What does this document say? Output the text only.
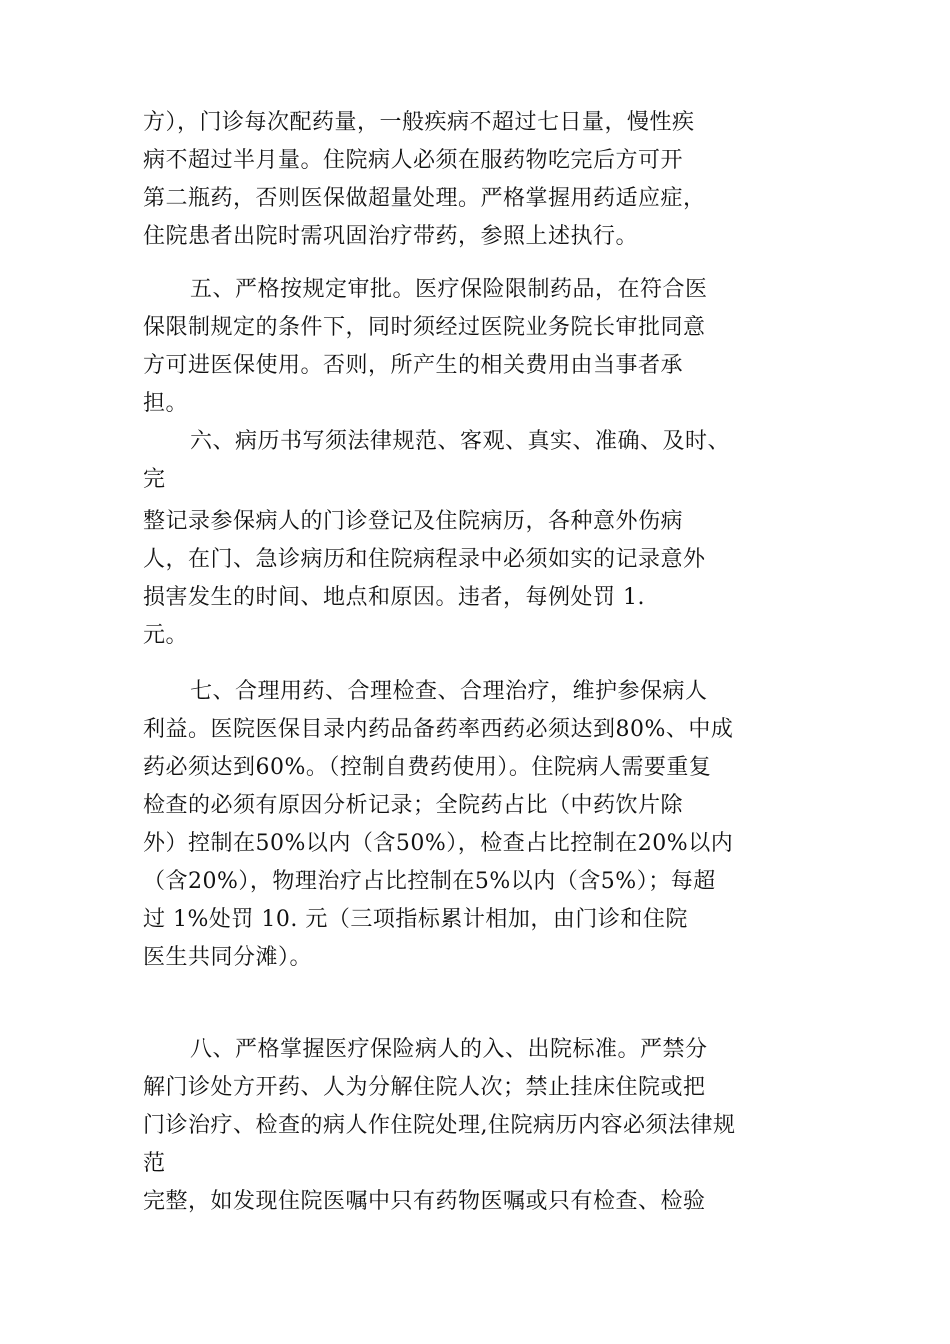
方），门诊每次配药量，一般疾病不超过七日量，慢性疾
病不超过半月量。住院病人必须在服药物吃完后方可开
第二瓶药，否则医保做超量处理。严格掌握用药适应症，
住院患者出院时需巩固治疗带药，参照上述执行。
五、严格按规定审批。医疗保险限制药品，在符合医
保限制规定的条件下，同时须经过医院业务院长审批同意
方可进医保使用。否则，所产生的相关费用由当事者承
担。
六、病历书写须法律规范、客观、真实、准确、及时、
完
整记录参保病人的门诊登记及住院病历，各种意外伤病
人，在门、急诊病历和住院病程录中必须如实的记录意外
损害发生的时间、地点和原因。违者，每例处罚 1.
元。
七、合理用药、合理检查、合理治疗，维护参保病人
利益。医院医保目录内药品备药率西药必须达到80%、中成
药必须达到60%。（控制自费药使用）。住院病人需要重复
检查的必须有原因分析记录；全院药占比（中药饮片除
外）控制在50%以内（含50%），检查占比控制在20%以内
（含20%），物理治疗占比控制在5%以内（含5%）；每超
过 1%处罚 10. 元（三项指标累计相加，由门诊和住院
医生共同分滩）。
八、严格掌握医疗保险病人的入、出院标准。严禁分
解门诊处方开药、人为分解住院人次；禁止挂床住院或把
门诊治疗、检查的病人作住院处理,住院病历内容必须法律规
范
完整，如发现住院医嘱中只有药物医嘱或只有检查、检验
